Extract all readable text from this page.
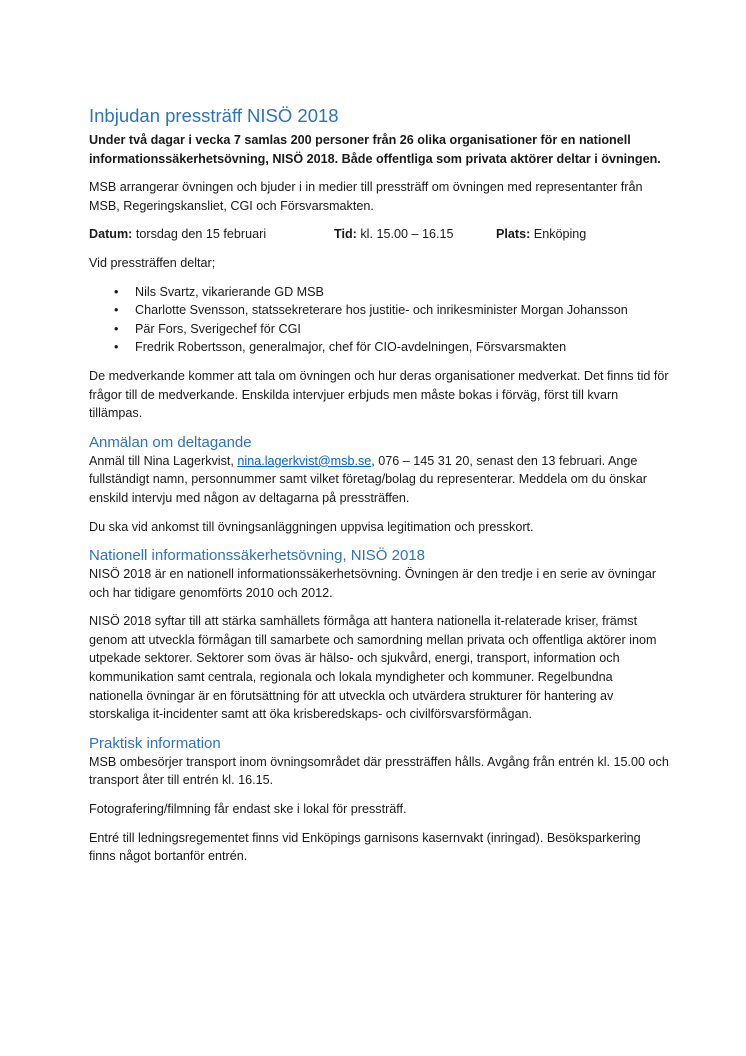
Inbjudan pressträff NISÖ 2018

Under två dagar i vecka 7 samlas 200 personer från 26 olika organisationer för en nationell informationssäkerhetsövning, NISÖ 2018. Både offentliga som privata aktörer deltar i övningen.

MSB arrangerar övningen och bjuder i in medier till pressträff om övningen med representanter från MSB, Regeringskansliet, CGI och Försvarsmakten.

Datum: torsdag den 15 februari	Tid: kl. 15.00 – 16.15	Plats: Enköping

Vid pressträffen deltar;

• Nils Svartz, vikarierande GD MSB
• Charlotte Svensson, statssekreterare hos justitie- och inrikesminister Morgan Johansson
• Pär Fors, Sverigechef för CGI
• Fredrik Robertsson, generalmajor, chef för CIO-avdelningen, Försvarsmakten

De medverkande kommer att tala om övningen och hur deras organisationer medverkat. Det finns tid för frågor till de medverkande. Enskilda intervjuer erbjuds men måste bokas i förväg, först till kvarn tillämpas.

Anmälan om deltagande

Anmäl till Nina Lagerkvist, nina.lagerkvist@msb.se, 076 – 145 31 20, senast den 13 februari. Ange fullständigt namn, personnummer samt vilket företag/bolag du representerar. Meddela om du önskar enskild intervju med någon av deltagarna på pressträffen.

Du ska vid ankomst till övningsanläggningen uppvisa legitimation och presskort.

Nationell informationssäkerhetsövning, NISÖ 2018

NISÖ 2018 är en nationell informationssäkerhetsövning. Övningen är den tredje i en serie av övningar och har tidigare genomförts 2010 och 2012.

NISÖ 2018 syftar till att stärka samhällets förmåga att hantera nationella it-relaterade kriser, främst genom att utveckla förmågan till samarbete och samordning mellan privata och offentliga aktörer inom utpekade sektorer. Sektorer som övas är hälso- och sjukvård, energi, transport, information och kommunikation samt centrala, regionala och lokala myndigheter och kommuner. Regelbundna nationella övningar är en förutsättning för att utveckla och utvärdera strukturer för hantering av storskaliga it-incidenter samt att öka krisberedskaps- och civilförsvarsförmågan.

Praktisk information

MSB ombesörjer transport inom övningsområdet där pressträffen hålls. Avgång från entrén kl. 15.00 och transport åter till entrén kl. 16.15.

Fotografering/filmning får endast ske i lokal för pressträff.

Entré till ledningsregementet finns vid Enköpings garnisons kasernvakt (inringad). Besöksparkering finns något bortanför entrén.
